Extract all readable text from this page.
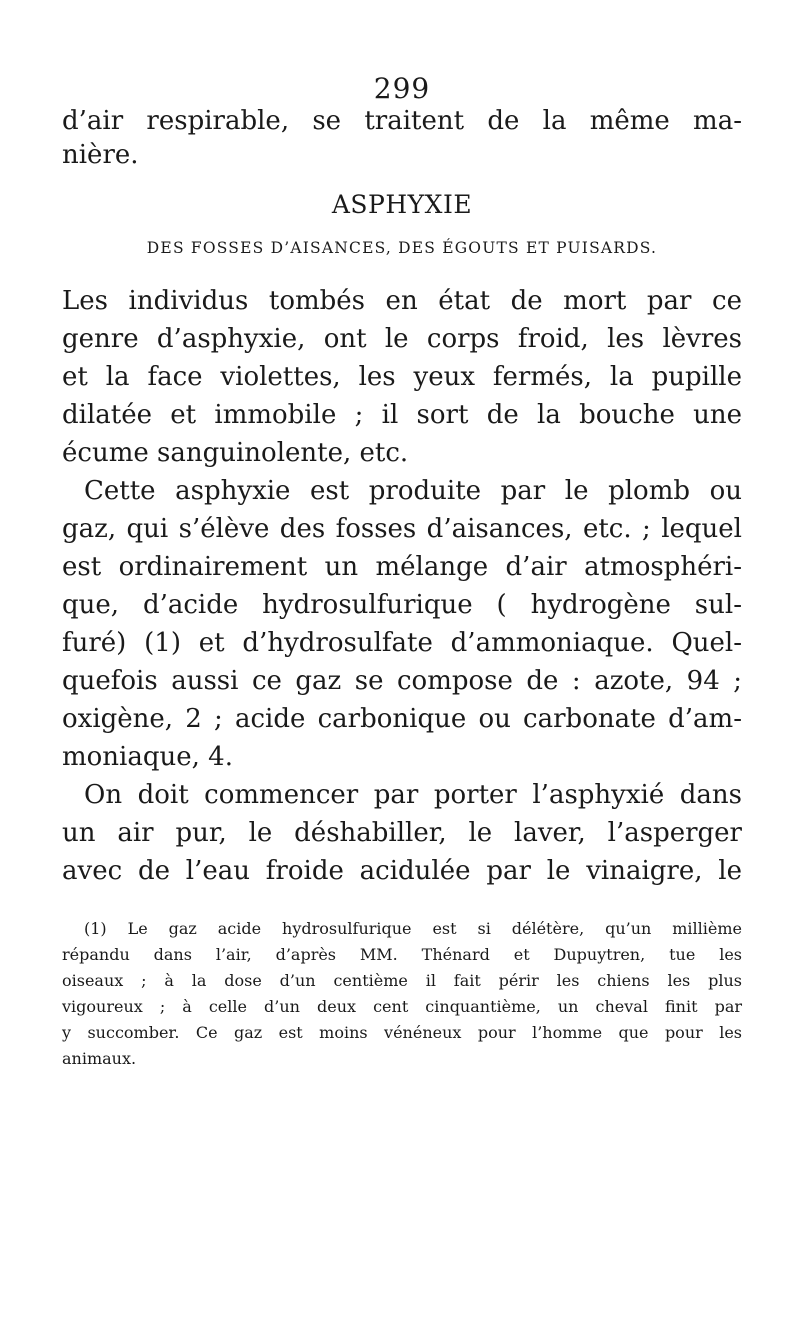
299
d’air respirable, se traitent de la même ma-
nière.
ASPHYXIE
DES FOSSES D’AISANCES, DES ÉGOUTS ET PUISARDS.
Les individus tombés en état de mort par ce
genre d’asphyxie, ont le corps froid, les lèvres
et la face violettes, les yeux fermés, la pupille
dilatée et immobile ; il sort de la bouche une
écume sanguinolente, etc.
Cette asphyxie est produite par le plomb ou
gaz, qui s’élève des fosses d’aisances, etc. ; lequel
est ordinairement un mélange d’air atmosphéri-
que, d’acide hydrosulfurique ( hydrogène sul-
furé) (1) et d’hydrosulfate d’ammoniaque. Quel-
quefois aussi ce gaz se compose de : azote, 94 ;
oxigène, 2 ; acide carbonique ou carbonate d’am-
moniaque, 4.
On doit commencer par porter l’asphyxié dans
un air pur, le déshabiller, le laver, l’asperger
avec de l’eau froide acidulée par le vinaigre, le
(1) Le gaz acide hydrosulfurique est si délétère, qu’un millième
répandu dans l’air, d’après MM. Thénard et Dupuytren, tue les
oiseaux ; à la dose d’un centième il fait périr les chiens les plus
vigoureux ; à celle d’un deux cent cinquantième, un cheval finit par
y succomber. Ce gaz est moins vénéneux pour l’homme que pour les
animaux.
